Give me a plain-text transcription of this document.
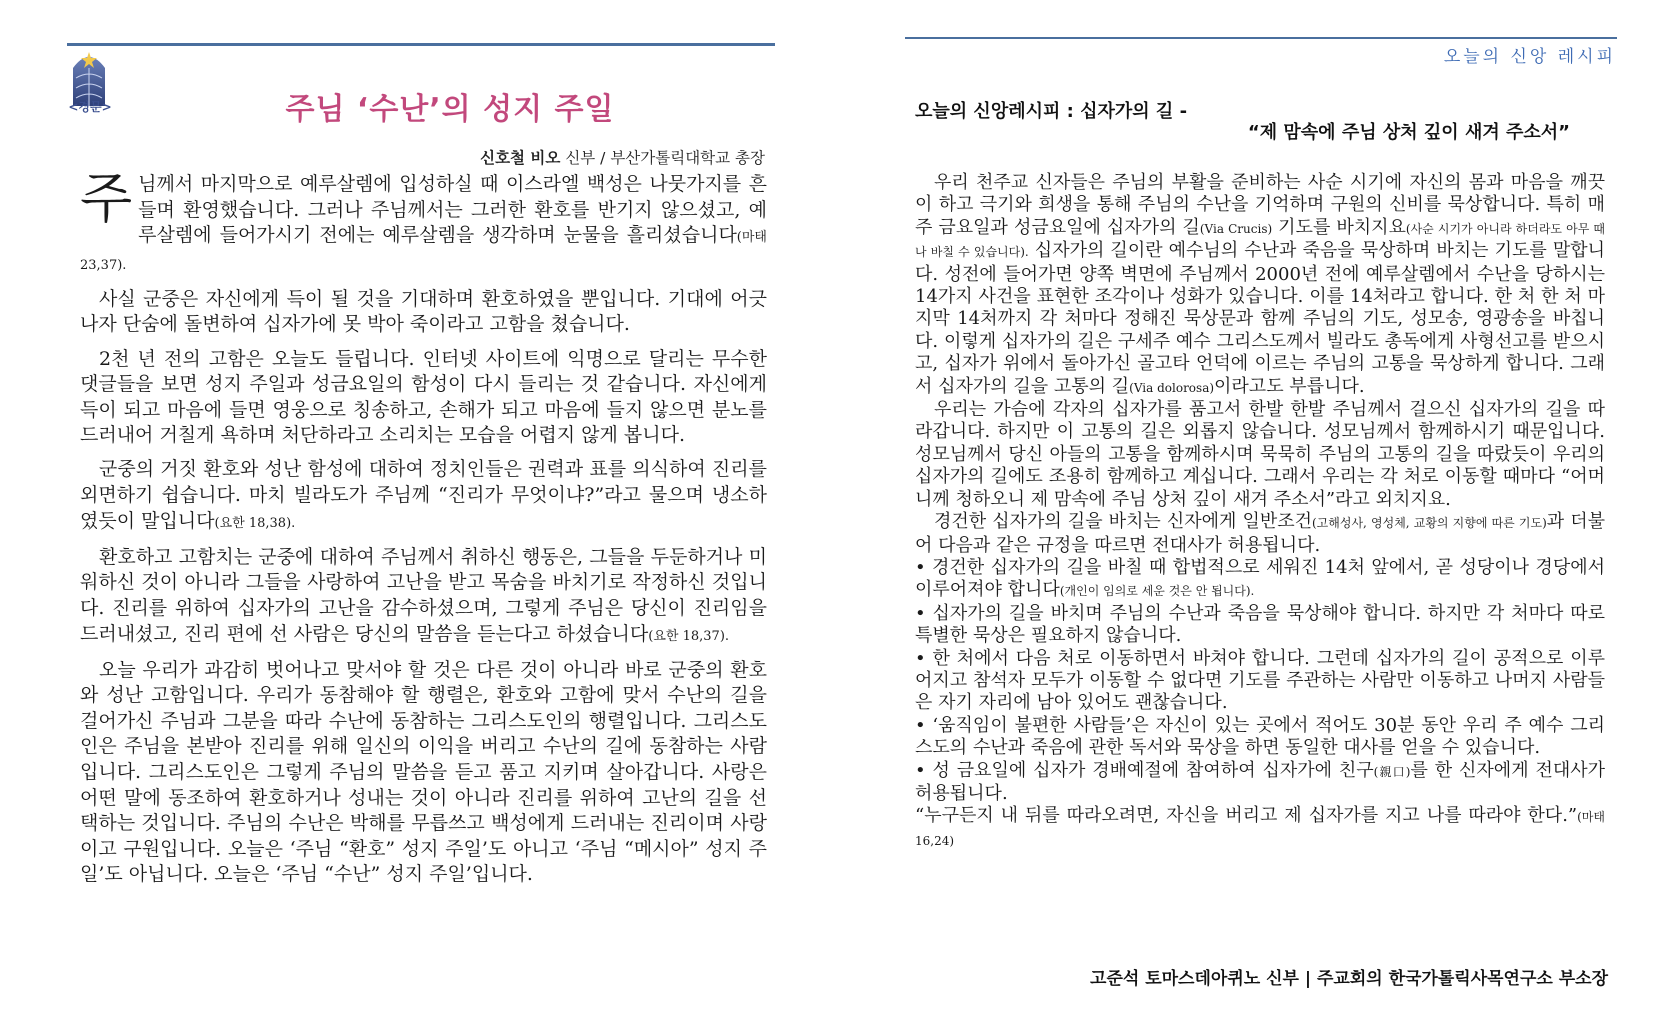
<경문>	주님 ‘수난’의 성지 주일
신호철 비오 신부 / 부산가톨릭대학교 총장

주님께서 마지막으로 예루살렘에 입성하실 때 이스라엘 백성은 나뭇가지를 흔들며 환영했습니다. 그러나 주님께서는 그러한 환호를 반기지 않으셨고, 예루살렘에 들어가시기 전에는 예루살렘을 생각하며 눈물을 흘리셨습니다(마태 23,37).

사실 군중은 자신에게 득이 될 것을 기대하며 환호하였을 뿐입니다. 기대에 어긋나자 단숨에 돌변하여 십자가에 못 박아 죽이라고 고함을 쳤습니다.

2천 년 전의 고함은 오늘도 들립니다. 인터넷 사이트에 익명으로 달리는 무수한 댓글들을 보면 성지 주일과 성금요일의 함성이 다시 들리는 것 같습니다. 자신에게 득이 되고 마음에 들면 영웅으로 칭송하고, 손해가 되고 마음에 들지 않으면 분노를 드러내어 거칠게 욕하며 처단하라고 소리치는 모습을 어렵지 않게 봅니다.

군중의 거짓 환호와 성난 함성에 대하여 정치인들은 권력과 표를 의식하여 진리를 외면하기 쉽습니다. 마치 빌라도가 주님께 “진리가 무엇이냐?”라고 물으며 냉소하였듯이 말입니다(요한 18,38).

환호하고 고함치는 군중에 대하여 주님께서 취하신 행동은, 그들을 두둔하거나 미워하신 것이 아니라 그들을 사랑하여 고난을 받고 목숨을 바치기로 작정하신 것입니다. 진리를 위하여 십자가의 고난을 감수하셨으며, 그렇게 주님은 당신이 진리임을 드러내셨고, 진리 편에 선 사람은 당신의 말씀을 듣는다고 하셨습니다(요한 18,37).

오늘 우리가 과감히 벗어나고 맞서야 할 것은 다른 것이 아니라 바로 군중의 환호와 성난 고함입니다. 우리가 동참해야 할 행렬은, 환호와 고함에 맞서 수난의 길을 걸어가신 주님과 그분을 따라 수난에 동참하는 그리스도인의 행렬입니다. 그리스도인은 주님을 본받아 진리를 위해 일신의 이익을 버리고 수난의 길에 동참하는 사람입니다. 그리스도인은 그렇게 주님의 말씀을 듣고 품고 지키며 살아갑니다. 사랑은 어떤 말에 동조하여 환호하거나 성내는 것이 아니라 진리를 위하여 고난의 길을 선택하는 것입니다. 주님의 수난은 박해를 무릅쓰고 백성에게 드러내는 진리이며 사랑이고 구원입니다. 오늘은 ‘주님 “환호” 성지 주일’도 아니고 ‘주님 “메시아” 성지 주일’도 아닙니다. 오늘은 ‘주님 “수난” 성지 주일’입니다.

오늘의 신앙 레시피
오늘의 신앙레시피 : 십자가의 길 -
“제 맘속에 주님 상처 깊이 새겨 주소서”

우리 천주교 신자들은 주님의 부활을 준비하는 사순 시기에 자신의 몸과 마음을 깨끗이 하고 극기와 희생을 통해 주님의 수난을 기억하며 구원의 신비를 묵상합니다. 특히 매주 금요일과 성금요일에 십자가의 길(Via Crucis) 기도를 바치지요(사순 시기가 아니라 하더라도 아무 때나 바칠 수 있습니다). 십자가의 길이란 예수님의 수난과 죽음을 묵상하며 바치는 기도를 말합니다. 성전에 들어가면 양쪽 벽면에 주님께서 2000년 전에 예루살렘에서 수난을 당하시는 14가지 사건을 표현한 조각이나 성화가 있습니다. 이를 14처라고 합니다. 한 처 한 처 마지막 14처까지 각 처마다 정해진 묵상문과 함께 주님의 기도, 성모송, 영광송을 바칩니다. 이렇게 십자가의 길은 구세주 예수 그리스도께서 빌라도 총독에게 사형선고를 받으시고, 십자가 위에서 돌아가신 골고타 언덕에 이르는 주님의 고통을 묵상하게 합니다. 그래서 십자가의 길을 고통의 길(Via dolorosa)이라고도 부릅니다.

우리는 가슴에 각자의 십자가를 품고서 한발 한발 주님께서 걸으신 십자가의 길을 따라갑니다. 하지만 이 고통의 길은 외롭지 않습니다. 성모님께서 함께하시기 때문입니다. 성모님께서 당신 아들의 고통을 함께하시며 묵묵히 주님의 고통의 길을 따랐듯이 우리의 십자가의 길에도 조용히 함께하고 계십니다. 그래서 우리는 각 처로 이동할 때마다 “어머니께 청하오니 제 맘속에 주님 상처 깊이 새겨 주소서”라고 외치지요.

경건한 십자가의 길을 바치는 신자에게 일반조건(고해성사, 영성체, 교황의 지향에 따른 기도)과 더불어 다음과 같은 규정을 따르면 전대사가 허용됩니다.

• 경건한 십자가의 길을 바칠 때 합법적으로 세워진 14처 앞에서, 곧 성당이나 경당에서 이루어져야 합니다(개인이 임의로 세운 것은 안 됩니다).

• 십자가의 길을 바치며 주님의 수난과 죽음을 묵상해야 합니다. 하지만 각 처마다 따로 특별한 묵상은 필요하지 않습니다.

• 한 처에서 다음 처로 이동하면서 바쳐야 합니다. 그런데 십자가의 길이 공적으로 이루어지고 참석자 모두가 이동할 수 없다면 기도를 주관하는 사람만 이동하고 나머지 사람들은 자기 자리에 남아 있어도 괜찮습니다.

• ‘움직임이 불편한 사람들’은 자신이 있는 곳에서 적어도 30분 동안 우리 주 예수 그리스도의 수난과 죽음에 관한 독서와 묵상을 하면 동일한 대사를 얻을 수 있습니다.

• 성 금요일에 십자가 경배예절에 참여하여 십자가에 친구(親口)를 한 신자에게 전대사가 허용됩니다.

“누구든지 내 뒤를 따라오려면, 자신을 버리고 제 십자가를 지고 나를 따라야 한다.”(마태 16,24)

고준석 토마스데아퀴노 신부 | 주교회의 한국가톨릭사목연구소 부소장
